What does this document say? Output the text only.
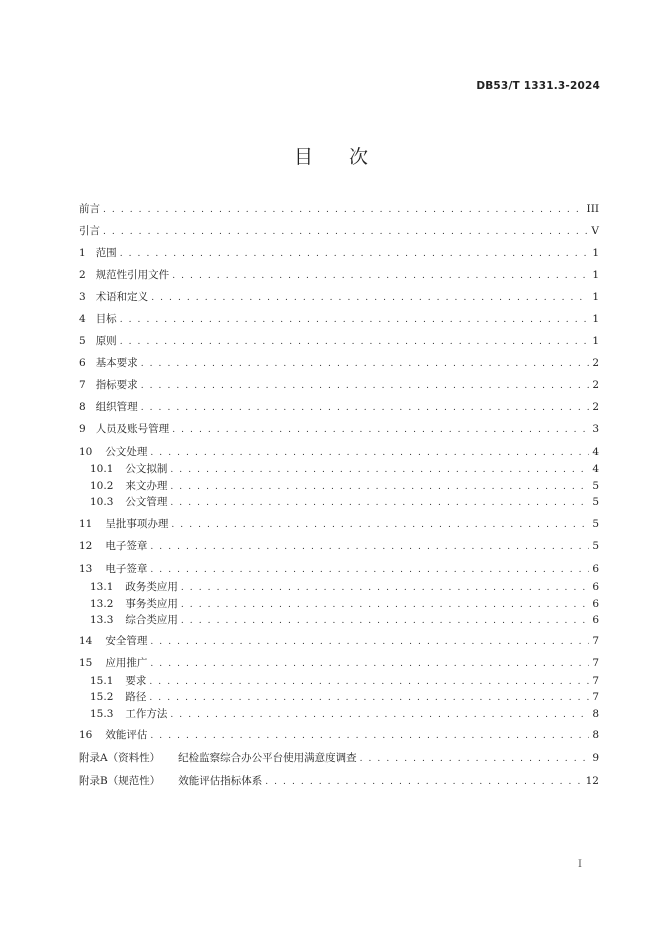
DB53/T 1331.3-2024
目 次
前言 . . .	III
引言 . . .	V
1 范围 . . .	1
2 规范性引用文件 . . .	1
3 术语和定义 . . .	1
4 目标 . . .	1
5 原则 . . .	1
6 基本要求 . . .	2
7 指标要求 . . .	2
8 组织管理 . . .	2
9 人员及账号管理 . . .	3
10 公文处理 . . .	4
10.1 公文拟制 . . .	4
10.2 来文办理 . . .	5
10.3 公文管理 . . .	5
11 呈批事项办理 . . .	5
12 电子签章 . . .	5
13 电子签章 . . .	6
13.1 政务类应用 . . .	6
13.2 事务类应用 . . .	6
13.3 综合类应用 . . .	6
14 安全管理 . . .	7
15 应用推广 . . .	7
15.1 要求 . . .	7
15.2 路径 . . .	7
15.3 工作方法 . . .	8
16 效能评估 . . .	8
附录A（资料性） 纪检监察综合办公平台使用满意度调查 . . .	9
附录B（规范性） 效能评估指标体系 . . .	12
I
